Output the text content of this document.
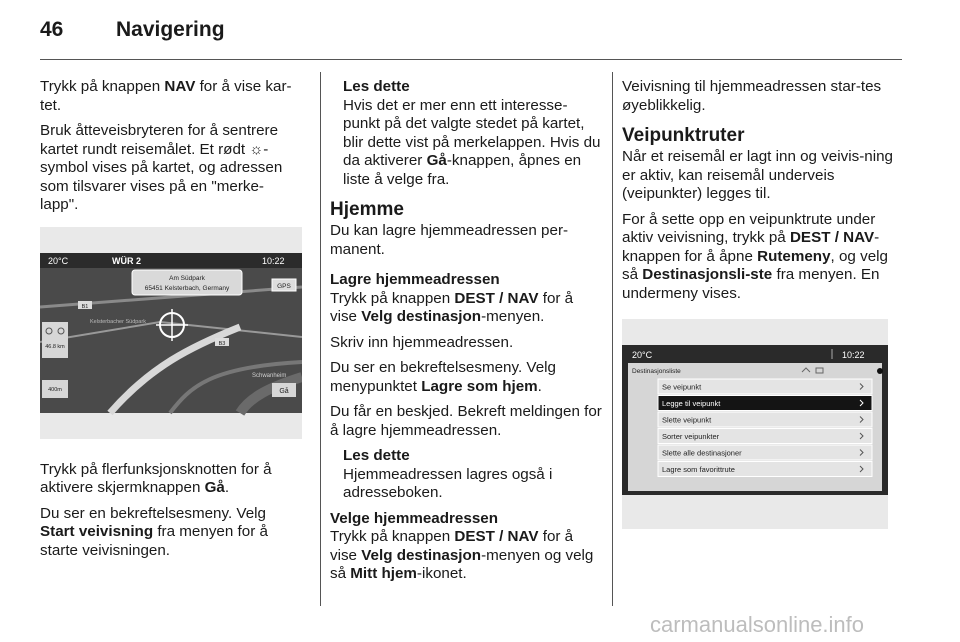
46	Navigering

Trykk på knappen NAV for å vise kar-tet.

Bruk åtteveisbryteren for å sentrere kartet rundt reisemålet. Et rødt ☼-symbol vises på kartet, og adressen som tilsvarer vises på en "merke-lapp".

20°C	WÜR 2	10:22
Am Südpark
65451 Kelsterbach, Germany	GPS
B1
Kelsterbacher Südpark
B3
46.8 km
400m
Schwanheim
Gå

Trykk på flerfunksjonsknotten for å aktivere skjermknappen Gå.

Du ser en bekreftelsesmeny. Velg Start veivisning fra menyen for å starte veivisningen.

Les dette

Hvis det er mer enn ett interesse-punkt på det valgte stedet på kartet, blir dette vist på merkelappen. Hvis du da aktiverer Gå-knappen, åpnes en liste å velge fra.

Hjemme

Du kan lagre hjemmeadressen per-manent.

Lagre hjemmeadressen

Trykk på knappen DEST / NAV for å vise Velg destinasjon-menyen.

Skriv inn hjemmeadressen.

Du ser en bekreftelsesmeny. Velg menypunktet Lagre som hjem.

Du får en beskjed. Bekreft meldingen for å lagre hjemmeadressen.

Les dette

Hjemmeadressen lagres også i adresseboken.

Velge hjemmeadressen

Trykk på knappen DEST / NAV for å vise Velg destinasjon-menyen og velg så Mitt hjem-ikonet.

Veivisning til hjemmeadressen star-tes øyeblikkelig.

Veipunktruter

Når et reisemål er lagt inn og veivis-ning er aktiv, kan reisemål underveis (veipunkter) legges til.

For å sette opp en veipunktrute under aktiv veivisning, trykk på DEST / NAV-knappen for å åpne Rutemeny, og velg så Destinasjonsli-ste fra menyen. En undermeny vises.

20°C	10:22
Destinasjonsliste
Se veipunkt
Legge til veipunkt
Slette veipunkt
Sorter veipunkter
Slette alle destinasjoner
Lagre som favorittrute
carmanualsonline.info
